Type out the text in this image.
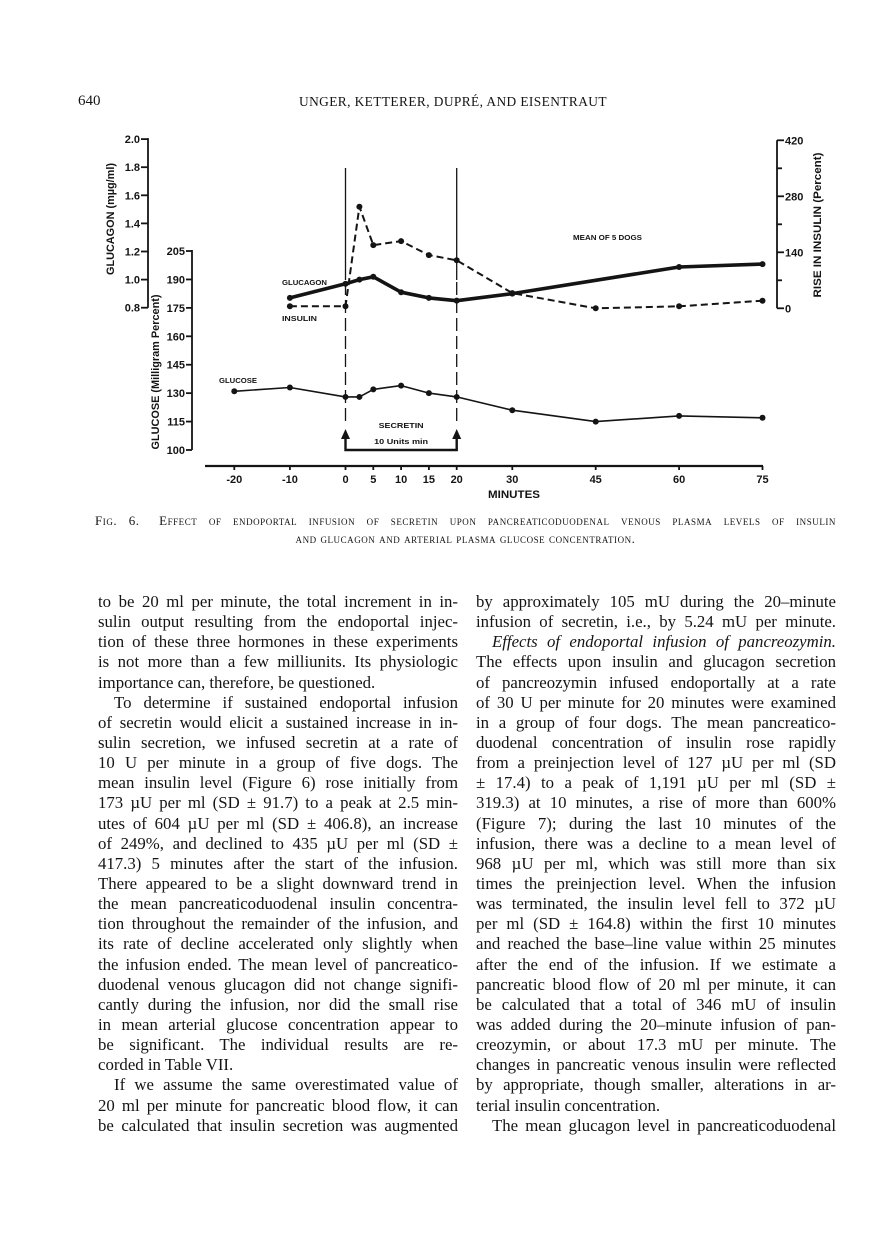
640	UNGER, KETTERER, DUPRÉ, AND EISENTRAUT
2.0
1.8
1.6
1.4
1.2
1.0
0.8
GLUCAGON (mµg/ml)	205
190
175
160
145
130
115
100
GLUCOSE (Milligram Percent)
420
280
140
0
RISE IN INSULIN (Percent)
-20	-10	0 5 10 15 20	30	45	60	75
MINUTES
GLUCAGON
INSULIN
GLUCOSE
MEAN OF 5 DOGS
SECRETIN
10 Units min
Fig. 6. Effect of endoportal infusion of secretin upon pancreaticoduodenal venous plasma levels of insulin
and glucagon and arterial plasma glucose concentration.
to be 20 ml per minute, the total increment in in-
sulin output resulting from the endoportal injec-
tion of these three hormones in these experiments
is not more than a few milliunits. Its physiologic
importance can, therefore, be questioned.
To determine if sustained endoportal infusion
of secretin would elicit a sustained increase in in-
sulin secretion, we infused secretin at a rate of
10 U per minute in a group of five dogs. The
mean insulin level (Figure 6) rose initially from
173 µU per ml (SD ± 91.7) to a peak at 2.5 min-
utes of 604 µU per ml (SD ± 406.8), an increase
of 249%, and declined to 435 µU per ml (SD ±
417.3) 5 minutes after the start of the infusion.
There appeared to be a slight downward trend in
the mean pancreaticoduodenal insulin concentra-
tion throughout the remainder of the infusion, and
its rate of decline accelerated only slightly when
the infusion ended. The mean level of pancreatico-
duodenal venous glucagon did not change signifi-
cantly during the infusion, nor did the small rise
in mean arterial glucose concentration appear to
be significant. The individual results are re-
corded in Table VII.
If we assume the same overestimated value of
20 ml per minute for pancreatic blood flow, it can
be calculated that insulin secretion was augmented
by approximately 105 mU during the 20–minute
infusion of secretin, i.e., by 5.24 mU per minute.
Effects of endoportal infusion of pancreozymin.
The effects upon insulin and glucagon secretion
of pancreozymin infused endoportally at a rate
of 30 U per minute for 20 minutes were examined
in a group of four dogs. The mean pancreatico-
duodenal concentration of insulin rose rapidly
from a preinjection level of 127 µU per ml (SD
± 17.4) to a peak of 1,191 µU per ml (SD ±
319.3) at 10 minutes, a rise of more than 600%
(Figure 7); during the last 10 minutes of the
infusion, there was a decline to a mean level of
968 µU per ml, which was still more than six
times the preinjection level. When the infusion
was terminated, the insulin level fell to 372 µU
per ml (SD ± 164.8) within the first 10 minutes
and reached the base–line value within 25 minutes
after the end of the infusion. If we estimate a
pancreatic blood flow of 20 ml per minute, it can
be calculated that a total of 346 mU of insulin
was added during the 20–minute infusion of pan-
creozymin, or about 17.3 mU per minute. The
changes in pancreatic venous insulin were reflected
by appropriate, though smaller, alterations in ar-
terial insulin concentration.
The mean glucagon level in pancreaticoduodenal
